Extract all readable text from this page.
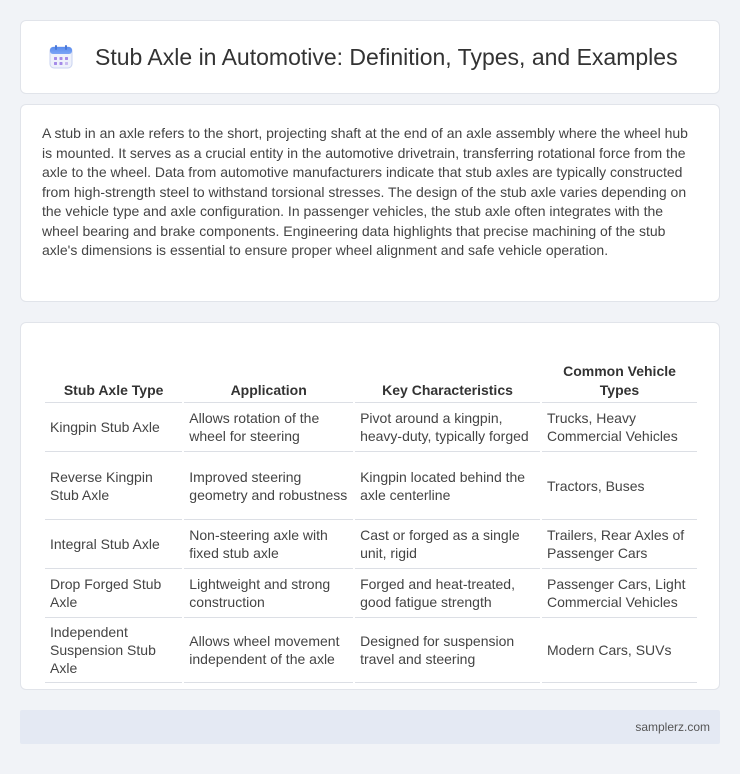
Stub Axle in Automotive: Definition, Types, and Examples

A stub in an axle refers to the short, projecting shaft at the end of an axle assembly where the wheel hub is mounted. It serves as a crucial entity in the automotive drivetrain, transferring rotational force from the axle to the wheel. Data from automotive manufacturers indicate that stub axles are typically constructed from high-strength steel to withstand torsional stresses. The design of the stub axle varies depending on the vehicle type and axle configuration. In passenger vehicles, the stub axle often integrates with the wheel bearing and brake components. Engineering data highlights that precise machining of the stub axle's dimensions is essential to ensure proper wheel alignment and safe vehicle operation.

Stub Axle Type	Application	Key Characteristics	Common Vehicle Types
Kingpin Stub Axle	Allows rotation of the wheel for steering	Pivot around a kingpin, heavy-duty, typically forged	Trucks, Heavy Commercial Vehicles
Reverse Kingpin Stub Axle	Improved steering geometry and robustness	Kingpin located behind the axle centerline	Tractors, Buses
Integral Stub Axle	Non-steering axle with fixed stub axle	Cast or forged as a single unit, rigid	Trailers, Rear Axles of Passenger Cars
Drop Forged Stub Axle	Lightweight and strong construction	Forged and heat-treated, good fatigue strength	Passenger Cars, Light Commercial Vehicles
Independent Suspension Stub Axle	Allows wheel movement independent of the axle	Designed for suspension travel and steering	Modern Cars, SUVs
samplerz.com
